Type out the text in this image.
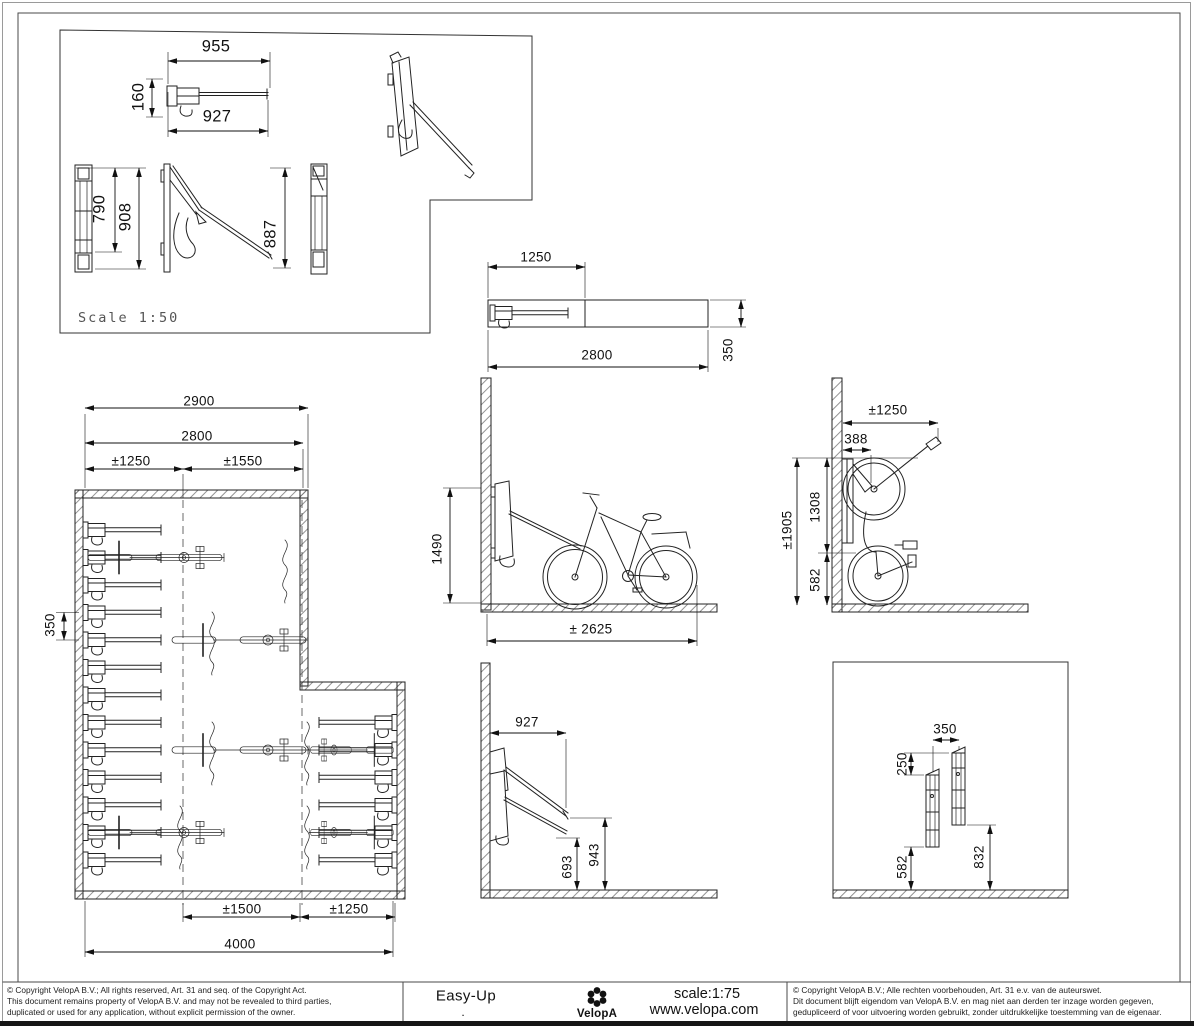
955
160
927
790 908
887
Scale 1:50
1250
2800	350
2900
2800
±1250	±1550
350
±1500	±1250
4000
1490
± 2625
±1250
388
1308
582
±1905
927
943
693
350
250
582	832
© Copyright VelopA B.V.; All rights reserved, Art. 31 and seq. of the Copyright Act.
This document remains property of VelopA B.V. and may not be revealed to third parties,
duplicated or used for any application, without explicit permission of the owner.
Easy-Up
.	VelopA
scale:1:75
www.velopa.com
© Copyright VelopA B.V.; Alle rechten voorbehouden, Art. 31 e.v. van de auteurswet.
Dit document blijft eigendom van VelopA B.V. en mag niet aan derden ter inzage worden gegeven,
gedupliceerd of voor uitvoering worden gebruikt, zonder uitdrukkelijke toestemming van de eigenaar.
